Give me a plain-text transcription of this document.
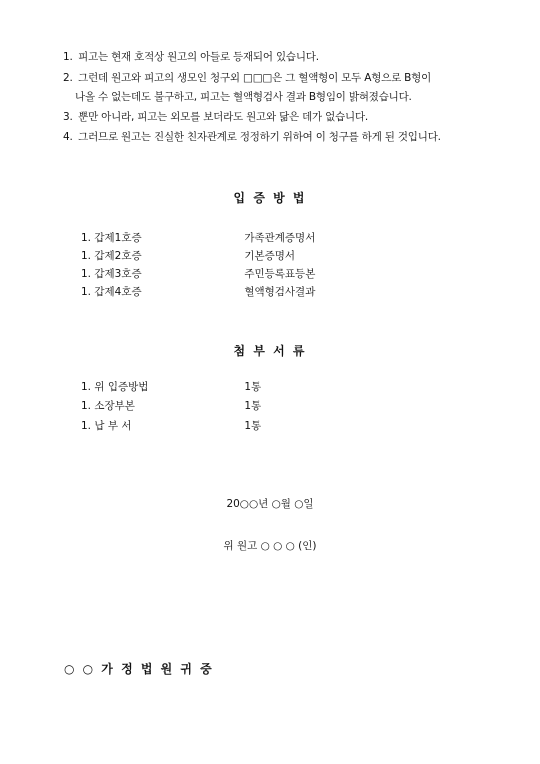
1. 피고는 현재 호적상 원고의 아들로 등재되어 있습니다.
2. 그런데 원고와 피고의 생모인 청구외 □□□은 그 혈액형이 모두 A형으로 B형이
나올 수 없는데도 불구하고, 피고는 혈액형검사 결과 B형임이 밝혀졌습니다.
3. 뿐만 아니라, 피고는 외모를 보더라도 원고와 닮은 데가 없습니다.
4. 그러므로 원고는 진실한 친자관계로 정정하기 위하여 이 청구를 하게 된 것입니다.
입 증 방 법
1. 갑제1호증	가족관계증명서
1. 갑제2호증	기본증명서
1. 갑제3호증	주민등록표등본
1. 갑제4호증	혈액형검사결과
첨 부 서 류
1. 위 입증방법	1통
1. 소장부본	1통
1. 납 부 서	1통
20○○년 ○월 ○일
위 원고 ○ ○ ○ (인)
○ ○ 가 정 법 원 귀 중
